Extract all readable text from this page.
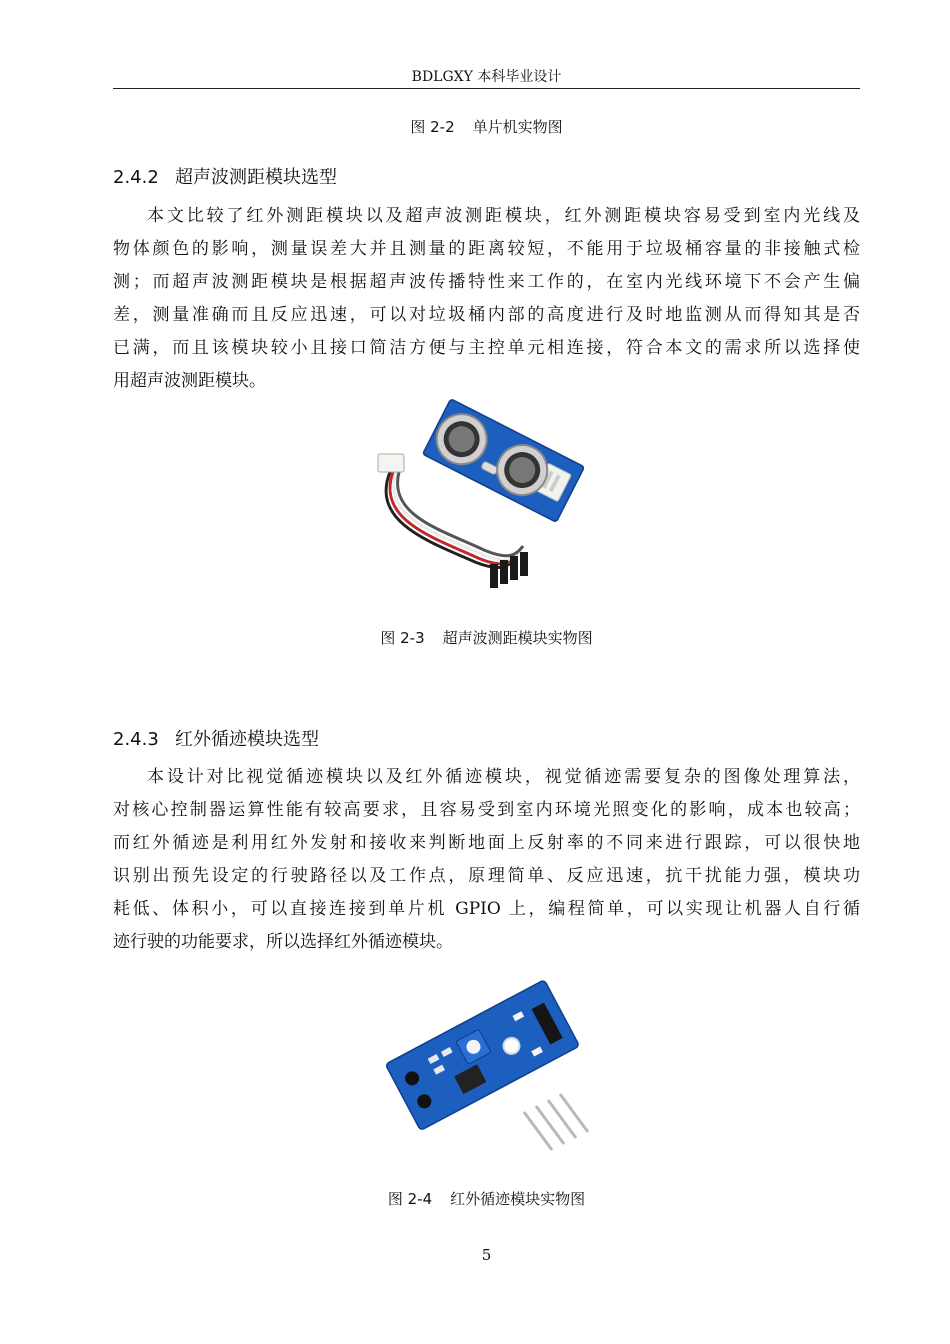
BDLGXY 本科毕业设计
图 2-2 单片机实物图
2.4.2 超声波测距模块选型
本文比较了红外测距模块以及超声波测距模块，红外测距模块容易受到室内光线及
物体颜色的影响，测量误差大并且测量的距离较短，不能用于垃圾桶容量的非接触式检
测；而超声波测距模块是根据超声波传播特性来工作的，在室内光线环境下不会产生偏
差，测量准确而且反应迅速，可以对垃圾桶内部的高度进行及时地监测从而得知其是否
已满，而且该模块较小且接口简洁方便与主控单元相连接，符合本文的需求所以选择使
用超声波测距模块。
图 2-3 超声波测距模块实物图
2.4.3 红外循迹模块选型
本设计对比视觉循迹模块以及红外循迹模块，视觉循迹需要复杂的图像处理算法，
对核心控制器运算性能有较高要求，且容易受到室内环境光照变化的影响，成本也较高；
而红外循迹是利用红外发射和接收来判断地面上反射率的不同来进行跟踪，可以很快地
识别出预先设定的行驶路径以及工作点，原理简单、反应迅速，抗干扰能力强，模块功
耗低、体积小，可以直接连接到单片机 GPIO 上，编程简单，可以实现让机器人自行循
迹行驶的功能要求，所以选择红外循迹模块。
图 2-4 红外循迹模块实物图
5
